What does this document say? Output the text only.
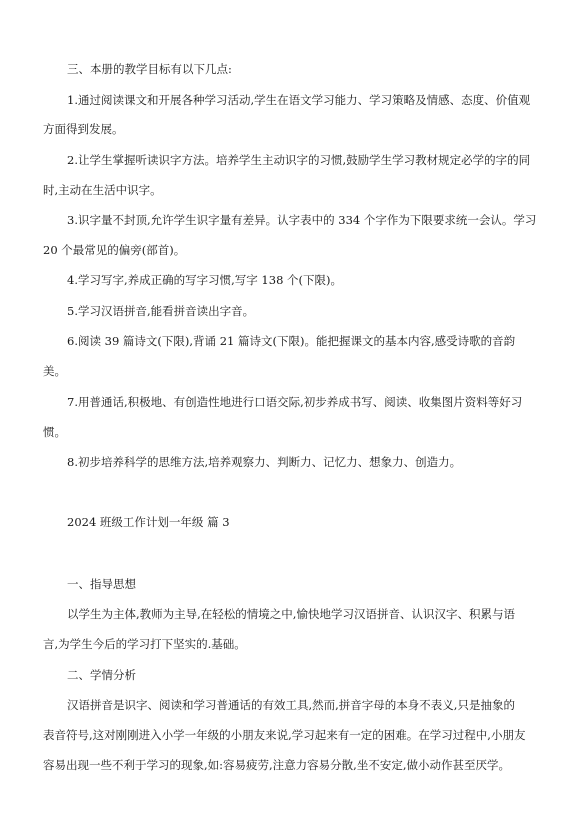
三、本册的教学目标有以下几点:

1.通过阅读课文和开展各种学习活动,学生在语文学习能力、学习策略及情感、态度、价值观

方面得到发展。

2.让学生掌握听读识字方法。培养学生主动识字的习惯,鼓励学生学习教材规定必学的字的同

时,主动在生活中识字。

3.识字量不封顶,允许学生识字量有差异。认字表中的 334 个字作为下限要求统一会认。学习

20 个最常见的偏旁(部首)。

4.学习写字,养成正确的写字习惯,写字 138 个(下限)。

5.学习汉语拼音,能看拼音读出字音。

6.阅读 39 篇诗文(下限),背诵 21 篇诗文(下限)。能把握课文的基本内容,感受诗歌的音韵

美。

7.用普通话,积极地、有创造性地进行口语交际,初步养成书写、阅读、收集图片资料等好习

惯。

8.初步培养科学的思维方法,培养观察力、判断力、记忆力、想象力、创造力。

2024 班级工作计划一年级 篇 3

一、指导思想

以学生为主体,教师为主导,在轻松的情境之中,愉快地学习汉语拼音、认识汉字、积累与语

言,为学生今后的学习打下坚实的.基础。

二、学情分析

汉语拼音是识字、阅读和学习普通话的有效工具,然而,拼音字母的本身不表义,只是抽象的

表音符号,这对刚刚进入小学一年级的小朋友来说,学习起来有一定的困难。在学习过程中,小朋友

容易出现一些不利于学习的现象,如:容易疲劳,注意力容易分散,坐不安定,做小动作甚至厌学。
